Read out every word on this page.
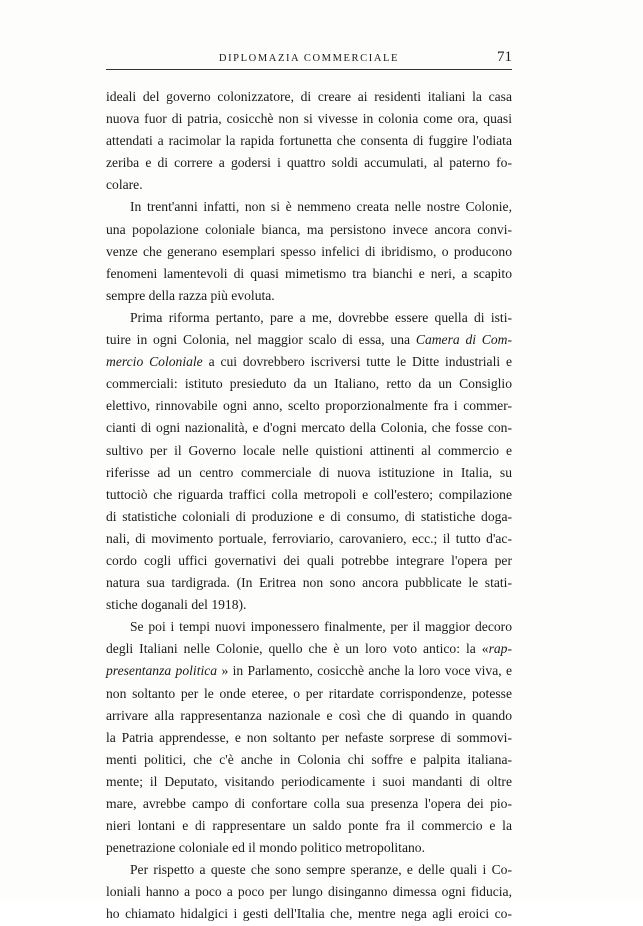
DIPLOMAZIA COMMERCIALE	71
ideali del governo colonizzatore, di creare ai residenti italiani la casa
nuova fuor di patria, cosicchè non si vivesse in colonia come ora, quasi
attendati a racimolar la rapida fortunetta che consenta di fuggire l'odiata
zeriba e di correre a godersi i quattro soldi accumulati, al paterno fo-
colare.
In trent'anni infatti, non si è nemmeno creata nelle nostre Colonie,
una popolazione coloniale bianca, ma persistono invece ancora convi-
venze che generano esemplari spesso infelici di ibridismo, o producono
fenomeni lamentevoli di quasi mimetismo tra bianchi e neri, a scapito
sempre della razza più evoluta.
Prima riforma pertanto, pare a me, dovrebbe essere quella di isti-
tuire in ogni Colonia, nel maggior scalo di essa, una Camera di Com-
mercio Coloniale a cui dovrebbero iscriversi tutte le Ditte industriali e
commerciali: istituto presieduto da un Italiano, retto da un Consiglio
elettivo, rinnovabile ogni anno, scelto proporzionalmente fra i commer-
cianti di ogni nazionalità, e d'ogni mercato della Colonia, che fosse con-
sultivo per il Governo locale nelle quistioni attinenti al commercio e
riferisse ad un centro commerciale di nuova istituzione in Italia, su
tuttociò che riguarda traffici colla metropoli e coll'estero; compilazione
di statistiche coloniali di produzione e di consumo, di statistiche doga-
nali, di movimento portuale, ferroviario, carovaniero, ecc.; il tutto d'ac-
cordo cogli uffici governativi dei quali potrebbe integrare l'opera per
natura sua tardigrada. (In Eritrea non sono ancora pubblicate le stati-
stiche doganali del 1918).
Se poi i tempi nuovi imponessero finalmente, per il maggior decoro
degli Italiani nelle Colonie, quello che è un loro voto antico: la «rap-
presentanza politica » in Parlamento, cosicchè anche la loro voce viva, e
non soltanto per le onde eteree, o per ritardate corrispondenze, potesse
arrivare alla rappresentanza nazionale e così che di quando in quando
la Patria apprendesse, e non soltanto per nefaste sorprese di sommovi-
menti politici, che c'è anche in Colonia chi soffre e palpita italiana-
mente; il Deputato, visitando periodicamente i suoi mandanti di oltre
mare, avrebbe campo di confortare colla sua presenza l'opera dei pio-
nieri lontani e di rappresentare un saldo ponte fra il commercio e la
penetrazione coloniale ed il mondo politico metropolitano.
Per rispetto a queste che sono sempre speranze, e delle quali i Co-
loniali hanno a poco a poco per lungo disinganno dimessa ogni fiducia,
ho chiamato hidalgici i gesti dell'Italia che, mentre nega agli eroici co-
